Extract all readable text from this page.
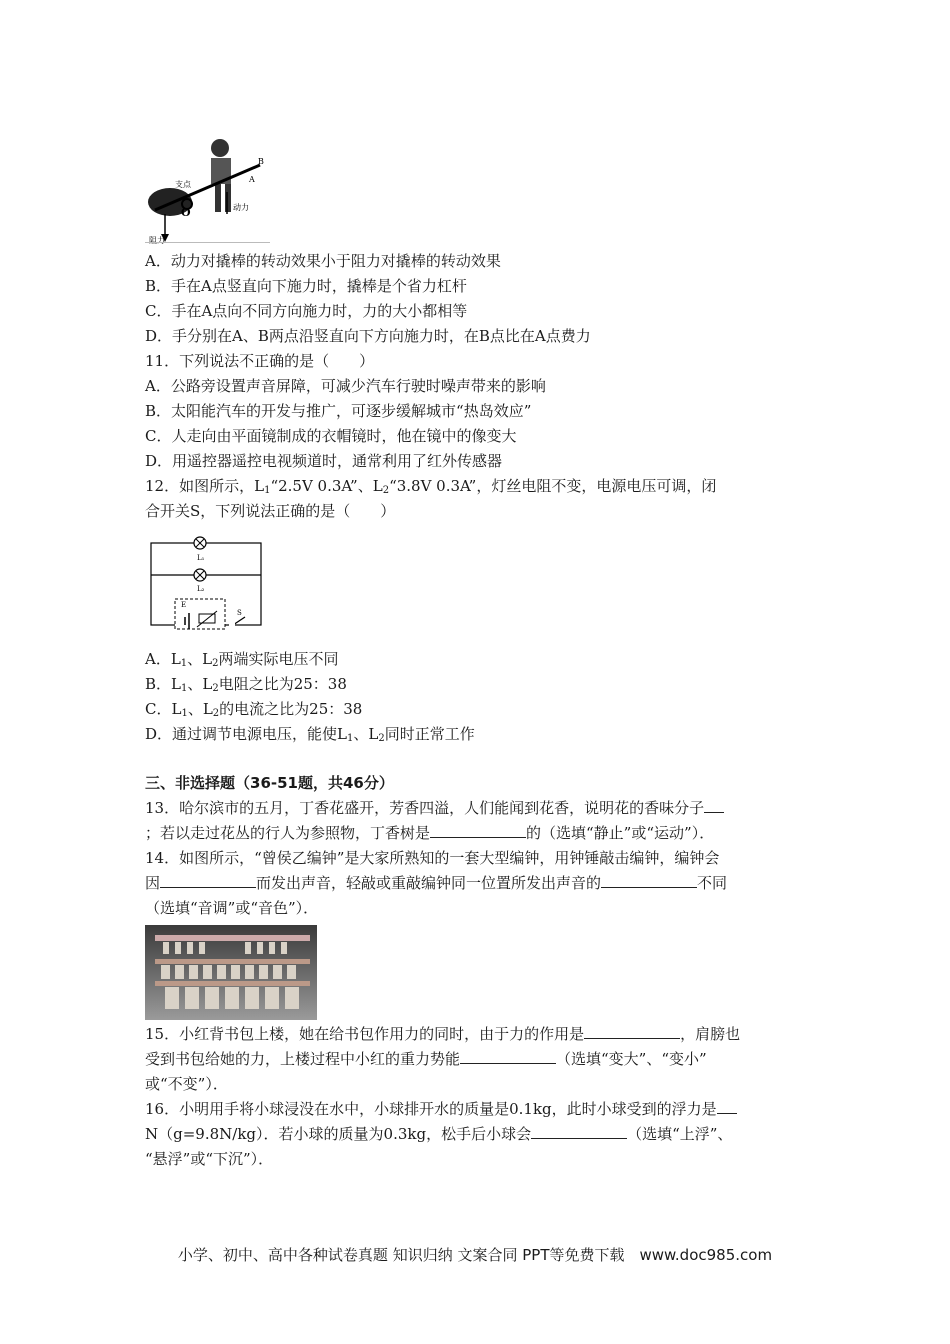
支点
O	动力
阻力
A
B
A．动力对撬棒的转动效果小于阻力对撬棒的转动效果
B．手在A点竖直向下施力时，撬棒是个省力杠杆
C．手在A点向不同方向施力时，力的大小都相等
D．手分别在A、B两点沿竖直向下方向施力时，在B点比在A点费力
11．下列说法不正确的是（　　）
A．公路旁设置声音屏障，可减少汽车行驶时噪声带来的影响
B．太阳能汽车的开发与推广，可逐步缓解城市“热岛效应”
C．人走向由平面镜制成的衣帽镜时，他在镜中的像变大
D．用遥控器遥控电视频道时，通常利用了红外传感器
12．如图所示，$L_1“2.5V$ 0.3A”、$L_2“3.8V$ 0.3A”，灯丝电阻不变，电源电压可调，闭
合开关S，下列说法正确的是（　　）
L₁
L₂
E
S
A．$L_1$、$L_2$两端实际电压不同
B．$L_1$、$L_2$电阻之比为25：38
C．$L_1$、$L_2$的电流之比为25：38
D．通过调节电源电压，能使$L_1$、$L_2$同时正常工作
三、非选择题（36-51题，共46分）
13．哈尔滨市的五月，丁香花盛开，芳香四溢，人们能闻到花香，说明花的香味分子
；若以走过花丛的行人为参照物，丁香树是	的（选填“静止”或“运动”）．
14．如图所示，“曾侯乙编钟”是大家所熟知的一套大型编钟，用钟锤敲击编钟，编钟会
因	而发出声音，轻敲或重敲编钟同一位置所发出声音的	不同
（选填“音调”或“音色”）．
15．小红背书包上楼，她在给书包作用力的同时，由于力的作用是	，肩膀也
受到书包给她的力，上楼过程中小红的重力势能	（选填“变大”、“变小”
或“不变”）．
16．小明用手将小球浸没在水中，小球排开水的质量是0.1kg，此时小球受到的浮力是
N（g=9.8N/kg）．若小球的质量为0.3kg，松手后小球会	（选填“上浮”、
“悬浮”或“下沉”）．
小学、初中、高中各种试卷真题 知识归纳 文案合同 PPT等免费下载　www.doc985.com
